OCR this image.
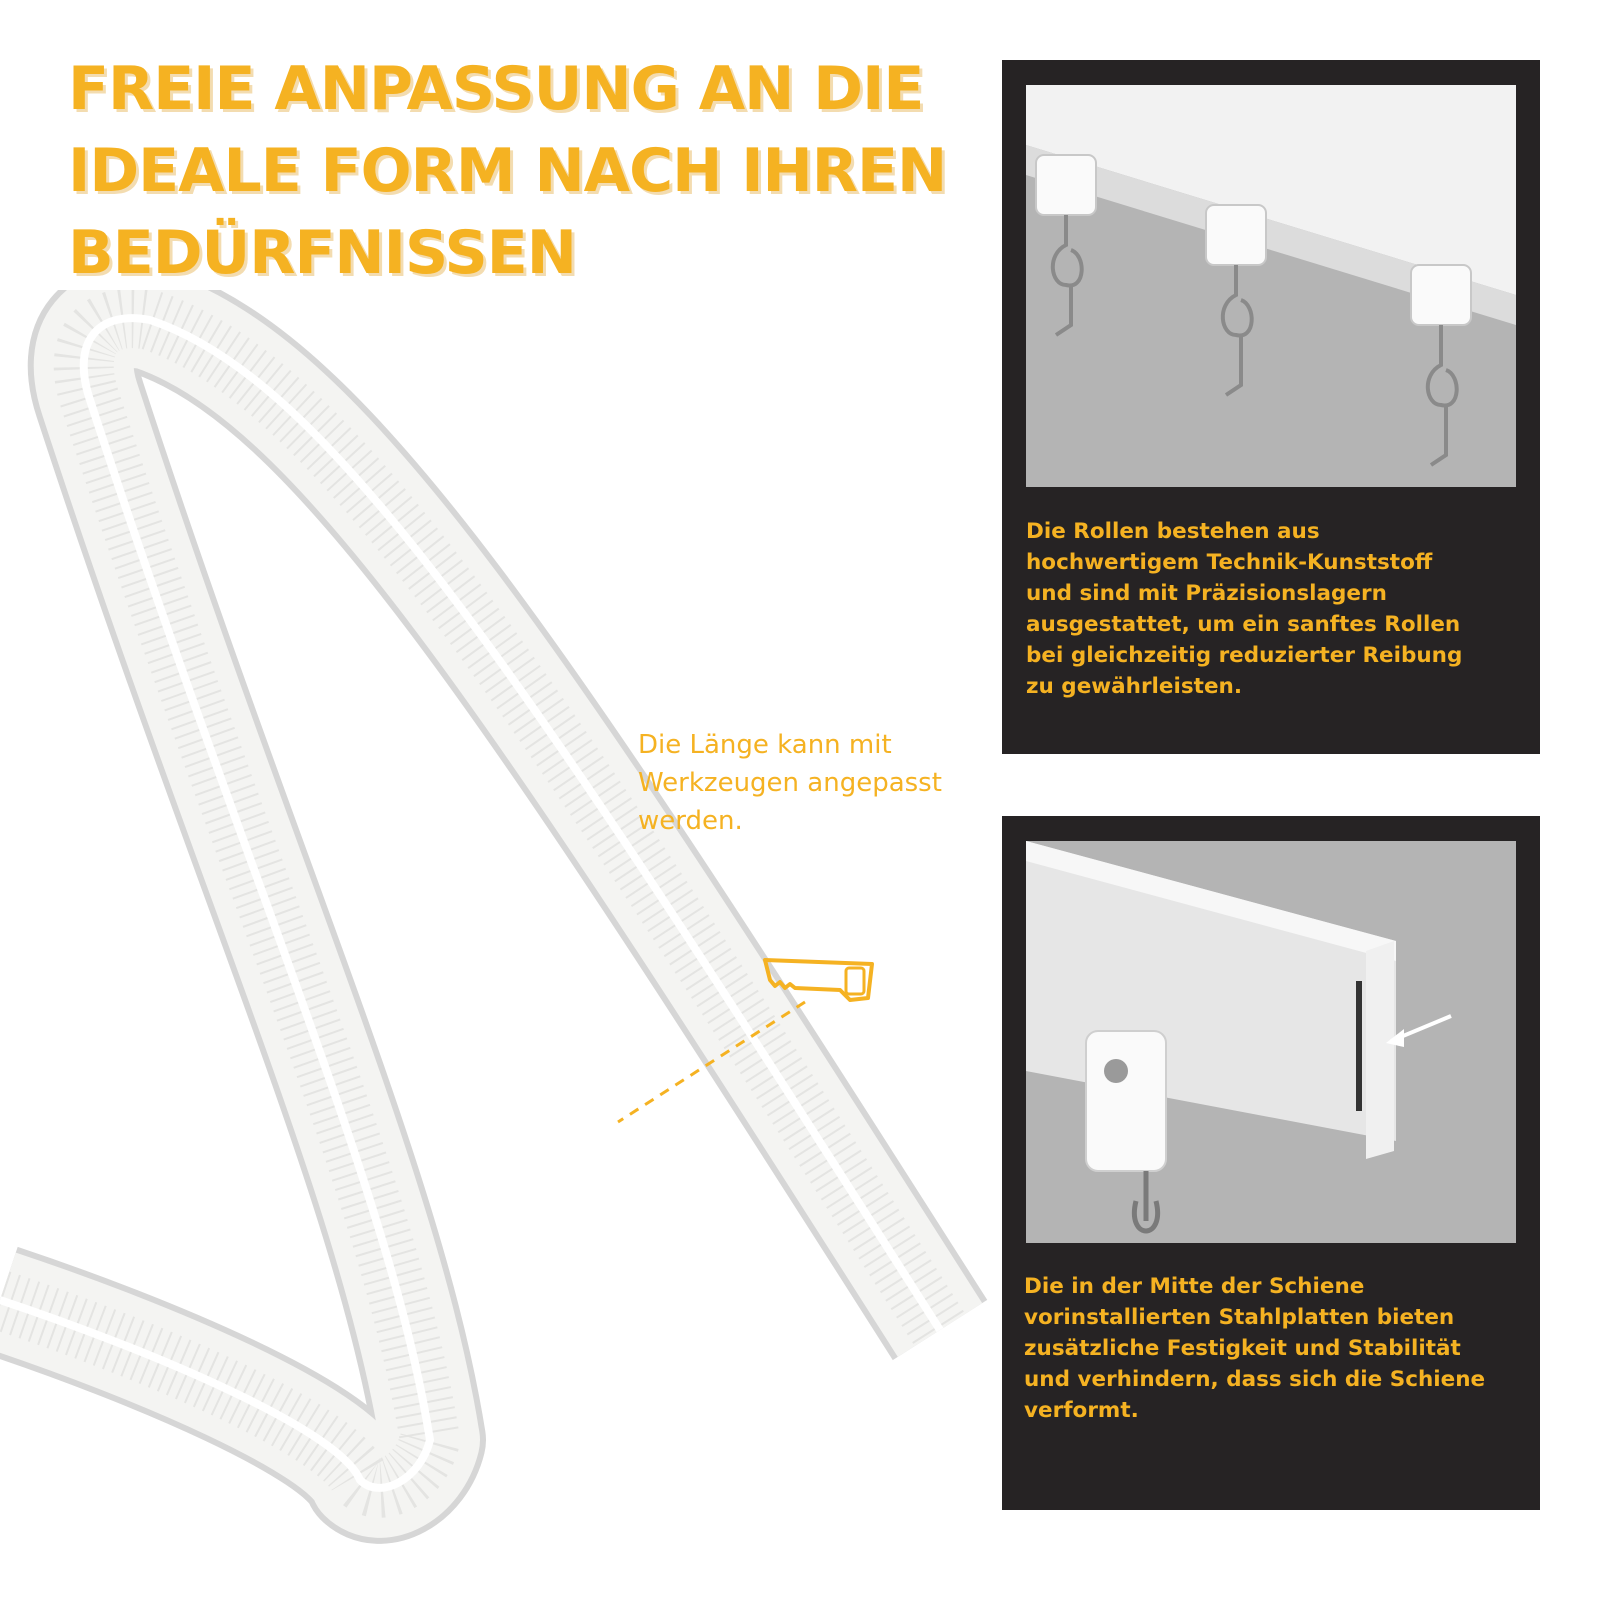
FREIE ANPASSUNG AN DIE
IDEALE FORM NACH IHREN
BEDÜRFNISSEN

Die Länge kann mit
Werkzeugen angepasst
werden.

Die Rollen bestehen aus
hochwertigem Technik-Kunststoff
und sind mit Präzisionslagern
ausgestattet, um ein sanftes Rollen
bei gleichzeitig reduzierter Reibung
zu gewährleisten.

Die in der Mitte der Schiene
vorinstallierten Stahlplatten bieten
zusätzliche Festigkeit und Stabilität
und verhindern, dass sich die Schiene
verformt.
